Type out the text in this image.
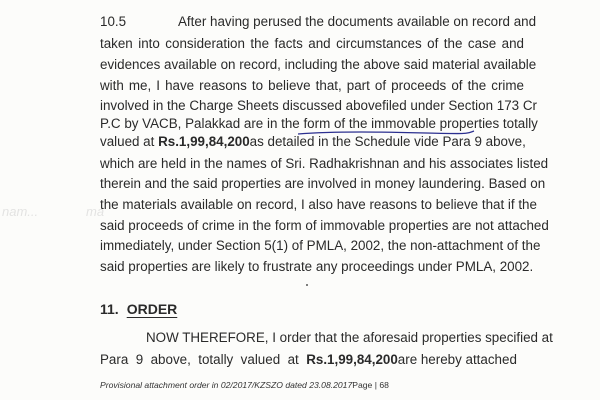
10.5	After having perused the documents available on record and
taken into consideration the facts and circumstances of the case and
evidences available on record, including the above said material available
with me, I have reasons to believe that, part of proceeds of the crime
involved in the Charge Sheets discussed abovefiled under Section 173 Cr
P.C by VACB, Palakkad are in the form of the immovable properties totally
valued at Rs.1,99,84,200as detailed in the Schedule vide Para 9 above,
which are held in the names of Sri. Radhakrishnan and his associates listed
therein and the said properties are involved in money laundering. Based on
the materials available on record, I also have reasons to believe that if the
said proceeds of crime in the form of immovable properties are not attached
immediately, under Section 5(1) of PMLA, 2002, the non-attachment of the
said properties are likely to frustrate any proceedings under PMLA, 2002.
nam...	ma
11. ORDER
NOW THEREFORE, I order that the aforesaid properties specified at
Para  9  above,  totally  valued  at  Rs.1,99,84,200are hereby attached
Provisional attachment order in 02/2017/KZSZO dated 23.08.2017Page | 68
